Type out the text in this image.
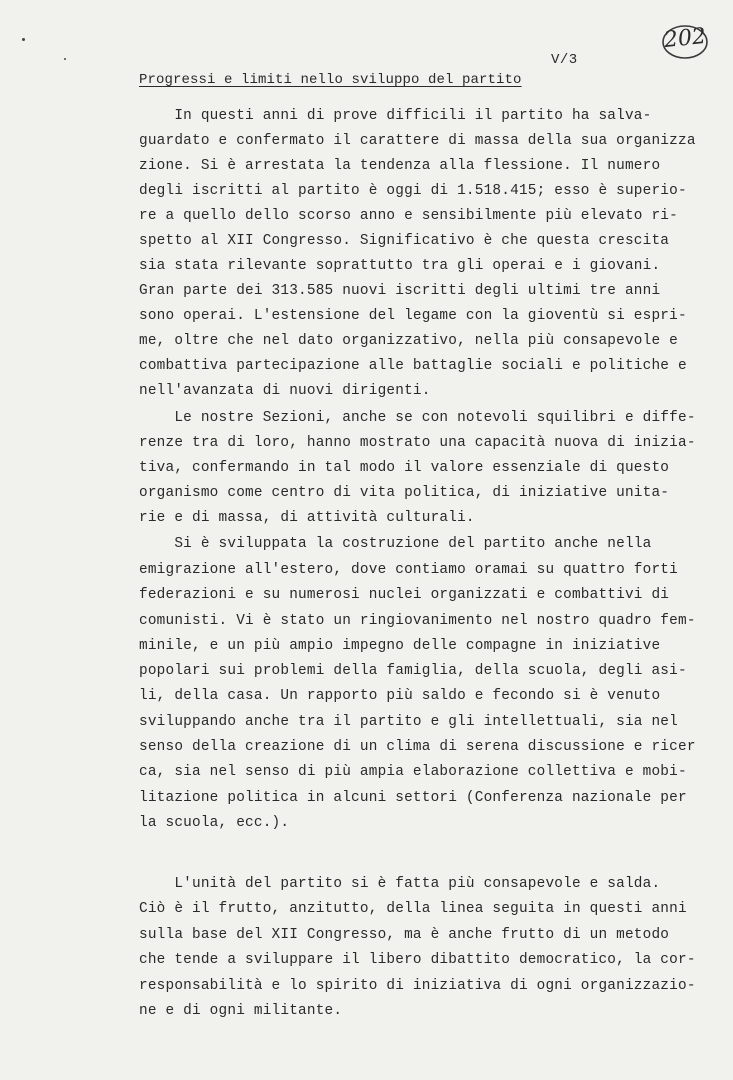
202
V/3
Progressi e limiti nello sviluppo del partito
In questi anni di prove difficili il partito ha salva-
guardato e confermato il carattere di massa della sua organizza
zione. Si è arrestata la tendenza alla flessione. Il numero
degli iscritti al partito è oggi di 1.518.415; esso è superio-
re a quello dello scorso anno e sensibilmente più elevato ri-
spetto al XII Congresso. Significativo è che questa crescita
sia stata rilevante soprattutto tra gli operai e i giovani.
Gran parte dei 313.585 nuovi iscritti degli ultimi tre anni
sono operai. L'estensione del legame con la gioventù si espri-
me, oltre che nel dato organizzativo, nella più consapevole e
combattiva partecipazione alle battaglie sociali e politiche e
nell'avanzata di nuovi dirigenti.
Le nostre Sezioni, anche se con notevoli squilibri e diffe-
renze tra di loro, hanno mostrato una capacità nuova di inizia-
tiva, confermando in tal modo il valore essenziale di questo
organismo come centro di vita politica, di iniziative unita-
rie e di massa, di attività culturali.
Si è sviluppata la costruzione del partito anche nella
emigrazione all'estero, dove contiamo oramai su quattro forti
federazioni e su numerosi nuclei organizzati e combattivi di
comunisti. Vi è stato un ringiovanimento nel nostro quadro fem-
minile, e un più ampio impegno delle compagne in iniziative
popolari sui problemi della famiglia, della scuola, degli asi-
li, della casa. Un rapporto più saldo e fecondo si è venuto
sviluppando anche tra il partito e gli intellettuali, sia nel
senso della creazione di un clima di serena discussione e ricer
ca, sia nel senso di più ampia elaborazione collettiva e mobi-
litazione politica in alcuni settori (Conferenza nazionale per
la scuola, ecc.).
L'unità del partito si è fatta più consapevole e salda.
Ciò è il frutto, anzitutto, della linea seguita in questi anni
sulla base del XII Congresso, ma è anche frutto di un metodo
che tende a sviluppare il libero dibattito democratico, la cor-
responsabilità e lo spirito di iniziativa di ogni organizzazio-
ne e di ogni militante.
